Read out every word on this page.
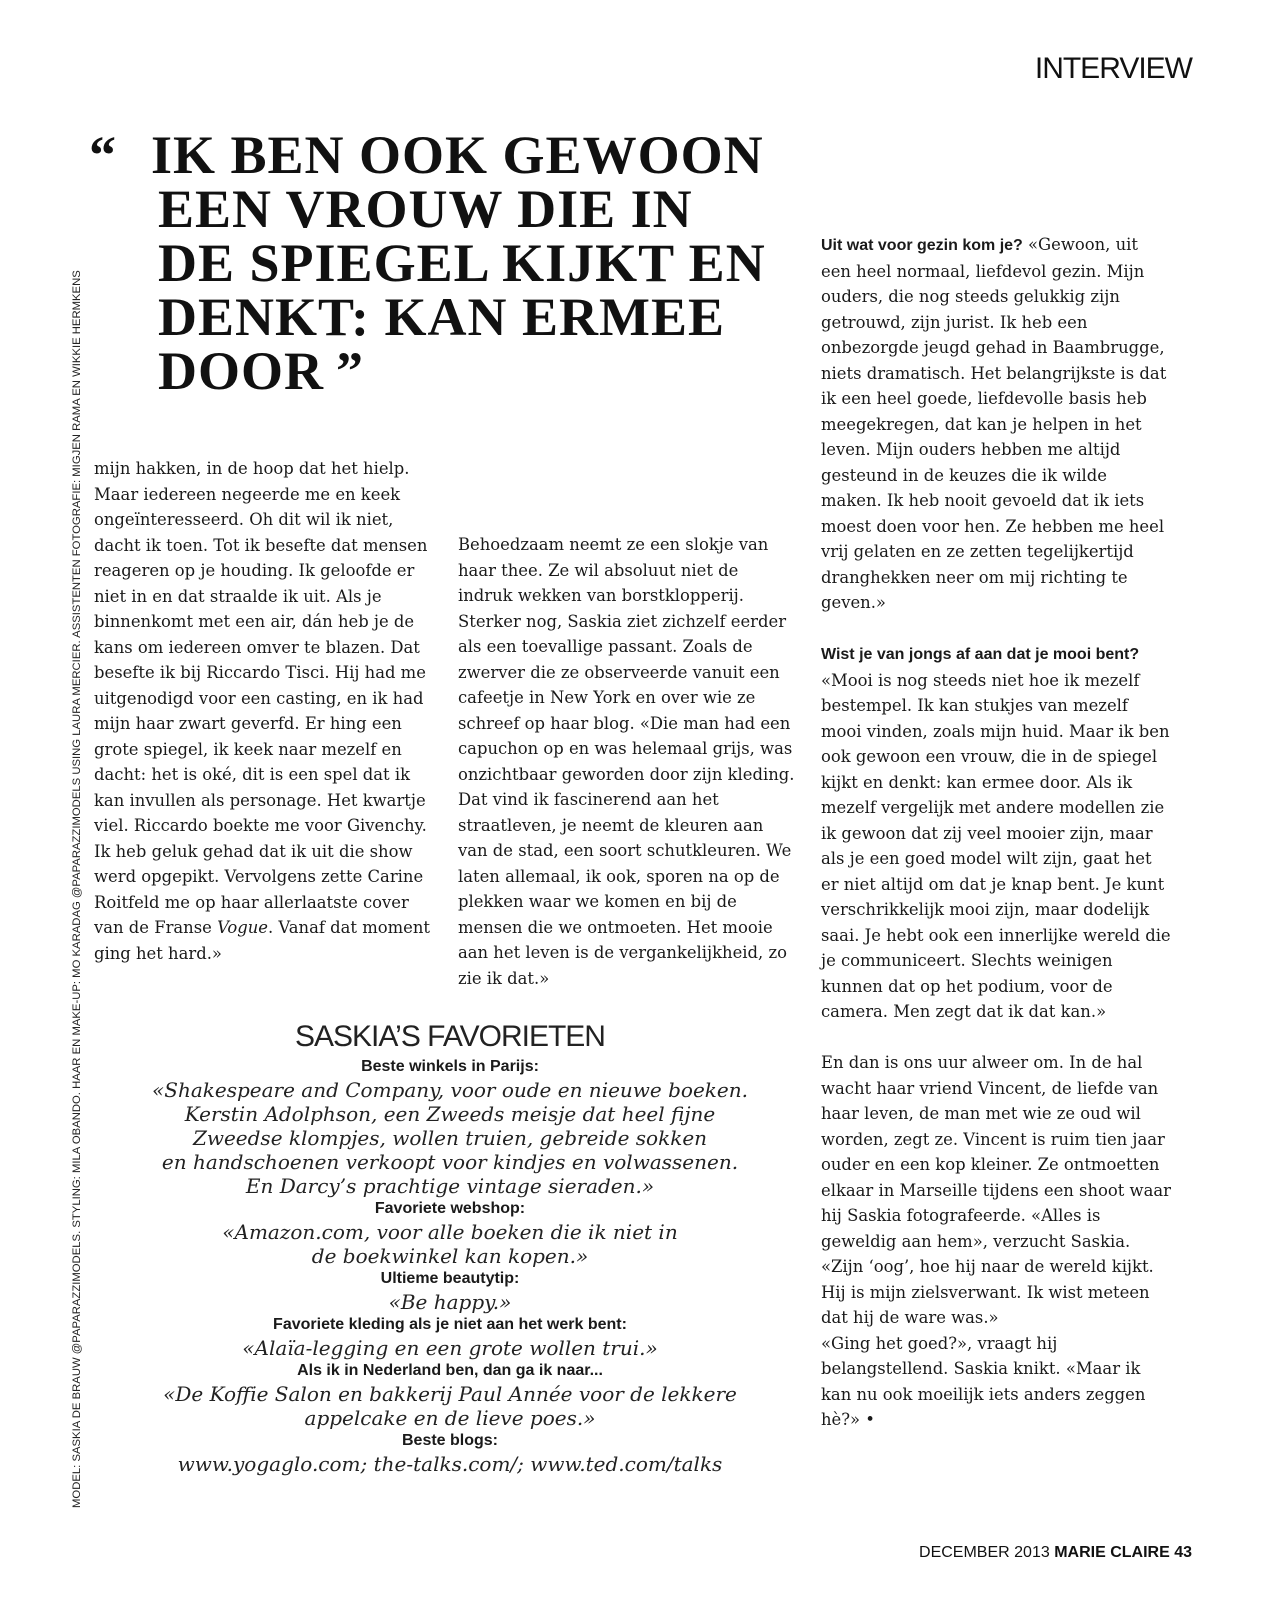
INTERVIEW
MODEL: SASKIA DE BRAUW @PAPARAZZIMODELS. STYLING: MILA OBANDO. HAAR EN MAKE-UP: MO KARADAG @PAPARAZZIMODELS USING LAURA MERCIER. ASSISTENTEN FOTOGRAFIE: MIGJEN RAMA EN WIKKIE HERMKENS
“ IK BEN OOK GEWOON
EEN VROUW DIE IN
DE SPIEGEL KIJKT EN
DENKT: KAN ERMEE
DOOR ”

mijn hakken, in de hoop dat het hielp. Maar iedereen negeerde me en keek ongeïnteresseerd. Oh dit wil ik niet, dacht ik toen. Tot ik besefte dat mensen reageren op je houding. Ik geloofde er niet in en dat straalde ik uit. Als je binnenkomt met een air, dán heb je de kans om iedereen omver te blazen. Dat besefte ik bij Riccardo Tisci. Hij had me uitgenodigd voor een casting, en ik had mijn haar zwart geverfd. Er hing een grote spiegel, ik keek naar mezelf en dacht: het is oké, dit is een spel dat ik kan invullen als personage. Het kwartje viel. Riccardo boekte me voor Givenchy. Ik heb geluk gehad dat ik uit die show werd opgepikt. Vervolgens zette Carine Roitfeld me op haar allerlaatste cover van de Franse Vogue. Vanaf dat moment ging het hard.»

Behoedzaam neemt ze een slokje van haar thee. Ze wil absoluut niet de indruk wekken van borstklopperij. Sterker nog, Saskia ziet zichzelf eerder als een toevallige passant. Zoals de zwerver die ze observeerde vanuit een cafeetje in New York en over wie ze schreef op haar blog. «Die man had een capuchon op en was helemaal grijs, was onzichtbaar geworden door zijn kleding. Dat vind ik fascinerend aan het straatleven, je neemt de kleuren aan van de stad, een soort schutkleuren. We laten allemaal, ik ook, sporen na op de plekken waar we komen en bij de mensen die we ontmoeten. Het mooie aan het leven is de vergankelijkheid, zo zie ik dat.»

Uit wat voor gezin kom je? «Gewoon, uit een heel normaal, liefdevol gezin. Mijn ouders, die nog steeds gelukkig zijn getrouwd, zijn jurist. Ik heb een onbezorgde jeugd gehad in Baambrugge, niets dramatisch. Het belangrijkste is dat ik een heel goede, liefdevolle basis heb meegekregen, dat kan je helpen in het leven. Mijn ouders hebben me altijd gesteund in de keuzes die ik wilde maken. Ik heb nooit gevoeld dat ik iets moest doen voor hen. Ze hebben me heel vrij gelaten en ze zetten tegelijkertijd dranghekken neer om mij richting te geven.»

Wist je van jongs af aan dat je mooi bent? «Mooi is nog steeds niet hoe ik mezelf bestempel. Ik kan stukjes van mezelf mooi vinden, zoals mijn huid. Maar ik ben ook gewoon een vrouw, die in de spiegel kijkt en denkt: kan ermee door. Als ik mezelf vergelijk met andere modellen zie ik gewoon dat zij veel mooier zijn, maar als je een goed model wilt zijn, gaat het er niet altijd om dat je knap bent. Je kunt verschrikkelijk mooi zijn, maar dodelijk saai. Je hebt ook een innerlijke wereld die je communiceert. Slechts weinigen kunnen dat op het podium, voor de camera. Men zegt dat ik dat kan.»

En dan is ons uur alweer om. In de hal wacht haar vriend Vincent, de liefde van haar leven, de man met wie ze oud wil worden, zegt ze. Vincent is ruim tien jaar ouder en een kop kleiner. Ze ontmoetten elkaar in Marseille tijdens een shoot waar hij Saskia fotografeerde. «Alles is geweldig aan hem», verzucht Saskia. «Zijn ‘oog’, hoe hij naar de wereld kijkt. Hij is mijn zielsverwant. Ik wist meteen dat hij de ware was.»

«Ging het goed?», vraagt hij belangstellend. Saskia knikt. «Maar ik kan nu ook moeilijk iets anders zeggen hè?» •

SASKIA’S FAVORIETEN

Beste winkels in Parijs:

«Shakespeare and Company, voor oude en nieuwe boeken.

Kerstin Adolphson, een Zweeds meisje dat heel fijne

Zweedse klompjes, wollen truien, gebreide sokken

en handschoenen verkoopt voor kindjes en volwassenen.

En Darcy’s prachtige vintage sieraden.»

Favoriete webshop:

«Amazon.com, voor alle boeken die ik niet in

de boekwinkel kan kopen.»

Ultieme beautytip:

«Be happy.»

Favoriete kleding als je niet aan het werk bent:

«Alaïa-legging en een grote wollen trui.»

Als ik in Nederland ben, dan ga ik naar...

«De Koffie Salon en bakkerij Paul Année voor de lekkere

appelcake en de lieve poes.»

Beste blogs:

www.yogaglo.com; the-talks.com/; www.ted.com/talks

DECEMBER 2013 MARIE CLAIRE 43
